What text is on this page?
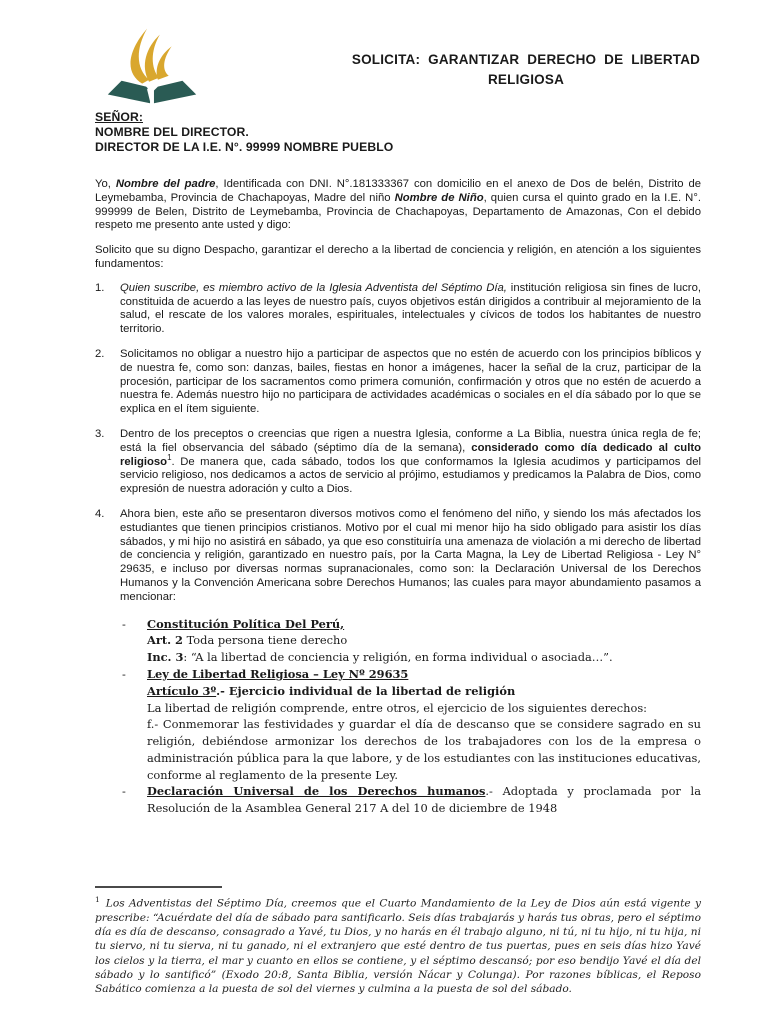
SOLICITA: GARANTIZAR DERECHO DE LIBERTAD RELIGIOSA
SEÑOR:
NOMBRE DEL DIRECTOR.
DIRECTOR DE LA I.E. N°. 99999 NOMBRE PUEBLO

Yo, Nombre del padre, Identificada con DNI. N°.181333367 con domicilio en el anexo de Dos de belén, Distrito de Leymebamba, Provincia de Chachapoyas, Madre del niño Nombre de Niño, quien cursa el quinto grado en la I.E. N°. 999999 de Belen, Distrito de Leymebamba, Provincia de Chachapoyas, Departamento de Amazonas, Con el debido respeto me presento ante usted y digo:

Solicito que su digno Despacho, garantizar el derecho a la libertad de conciencia y religión, en atención a los siguientes fundamentos:

1.	Quien suscribe, es miembro activo de la Iglesia Adventista del Séptimo Día, institución religiosa sin fines de lucro, constituida de acuerdo a las leyes de nuestro país, cuyos objetivos están dirigidos a contribuir al mejoramiento de la salud, el rescate de los valores morales, espirituales, intelectuales y cívicos de todos los habitantes de nuestro territorio.
2.	Solicitamos no obligar a nuestro hijo a participar de aspectos que no estén de acuerdo con los principios bíblicos y de nuestra fe, como son: danzas, bailes, fiestas en honor a imágenes, hacer la señal de la cruz, participar de la procesión, participar de los sacramentos como primera comunión, confirmación y otros que no estén de acuerdo a nuestra fe. Además nuestro hijo no participara de actividades académicas o sociales en el día sábado por lo que se explica en el ítem siguiente.
3.	Dentro de los preceptos o creencias que rigen a nuestra Iglesia, conforme a La Biblia, nuestra única regla de fe; está la fiel observancia del sábado (séptimo día de la semana), considerado como día dedicado al culto religioso$^1$. De manera que, cada sábado, todos los que conformamos la Iglesia acudimos y participamos del servicio religioso, nos dedicamos a actos de servicio al prójimo, estudiamos y predicamos la Palabra de Dios, como expresión de nuestra adoración y culto a Dios.
4.	Ahora bien, este año se presentaron diversos motivos como el fenómeno del niño, y siendo los más afectados los estudiantes que tienen principios cristianos. Motivo por el cual mi menor hijo ha sido obligado para asistir los días sábados, y mi hijo no asistirá en sábado, ya que eso constituiría una amenaza de violación a mi derecho de libertad de conciencia y religión, garantizado en nuestro país, por la Carta Magna, la Ley de Libertad Religiosa - Ley N° 29635, e incluso por diversas normas supranacionales, como son: la Declaración Universal de los Derechos Humanos y la Convención Americana sobre Derechos Humanos; las cuales para mayor abundamiento pasamos a mencionar:
-	Constitución Política Del Perú,
Art. 2 Toda persona tiene derecho
Inc. 3: “A la libertad de conciencia y religión, en forma individual o asociada…”.
-	Ley de Libertad Religiosa – Ley Nº 29635
Artículo 3º.- Ejercicio individual de la libertad de religión
La libertad de religión comprende, entre otros, el ejercicio de los siguientes derechos:
f.- Conmemorar las festividades y guardar el día de descanso que se considere sagrado en su religión, debiéndose armonizar los derechos de los trabajadores con los de la empresa o administración pública para la que labore, y de los estudiantes con las instituciones educativas, conforme al reglamento de la presente Ley.
-	Declaración Universal de los Derechos humanos.- Adoptada y proclamada por la Resolución de la Asamblea General 217 A del 10 de diciembre de 1948
$^1$ Los Adventistas del Séptimo Día, creemos que el Cuarto Mandamiento de la Ley de Dios aún está vigente y prescribe: “Acuérdate del día de sábado para santificarlo. Seis días trabajarás y harás tus obras, pero el séptimo día es día de descanso, consagrado a Yavé, tu Dios, y no harás en él trabajo alguno, ni tú, ni tu hijo, ni tu hija, ni tu siervo, ni tu sierva, ni tu ganado, ni el extranjero que esté dentro de tus puertas, pues en seis días hizo Yavé los cielos y la tierra, el mar y cuanto en ellos se contiene, y el séptimo descansó; por eso bendijo Yavé el día del sábado y lo santificó” (Exodo 20:8, Santa Biblia, versión Nácar y Colunga). Por razones bíblicas, el Reposo Sabático comienza a la puesta de sol del viernes y culmina a la puesta de sol del sábado.
